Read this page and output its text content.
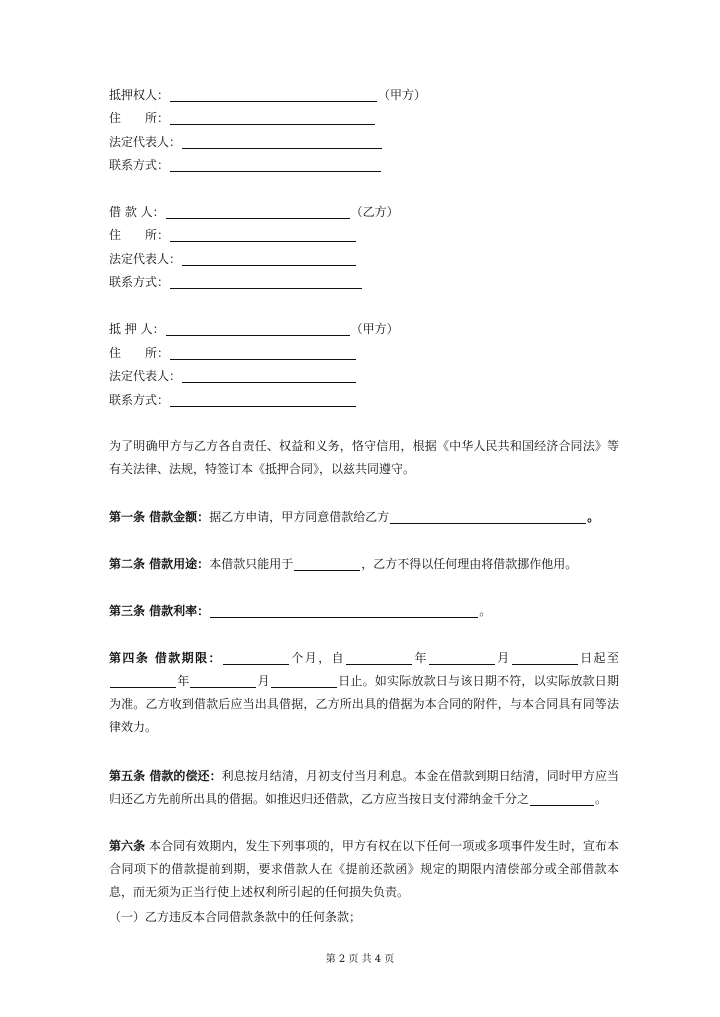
抵押权人：	（甲方）
住　　所：
法定代表人：
联系方式：
借 款 人：	（乙方）
住　　所：
法定代表人：
联系方式：
抵 押 人：	（甲方）
住　　所：
法定代表人：
联系方式：

为了明确甲方与乙方各自责任、权益和义务，恪守信用，根据《中华人民共和国经济合同法》等有关法律、法规，特签订本《抵押合同》，以兹共同遵守。

第一条 借款金额：据乙方申请，甲方同意借款给乙方	。

第二条 借款用途：本借款只能用于	，乙方不得以任何理由将借款挪作他用。

第三条 借款利率：	。

第四条 借款期限：	个月，自	年	月	日起至年	月	日止。如实际放款日与该日期不符，以实际放款日期为准。乙方收到借款后应当出具借据，乙方所出具的借据为本合同的附件，与本合同具有同等法律效力。

第五条 借款的偿还：利息按月结清，月初支付当月利息。本金在借款到期日结清，同时甲方应当归还乙方先前所出具的借据。如推迟归还借款，乙方应当按日支付滞纳金千分之	。

第六条 本合同有效期内，发生下列事项的，甲方有权在以下任何一项或多项事件发生时，宣布本合同项下的借款提前到期，要求借款人在《提前还款函》规定的期限内清偿部分或全部借款本息，而无须为正当行使上述权利所引起的任何损失负责。

（一）乙方违反本合同借款条款中的任何条款；

第 2 页 共 4 页
